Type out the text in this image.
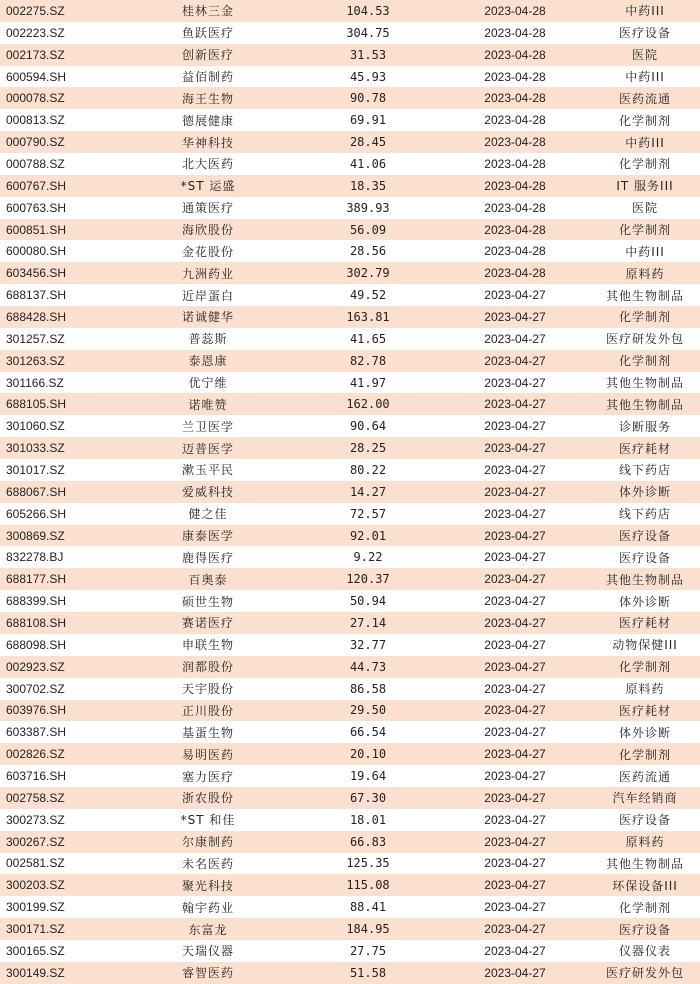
002275.SZ	桂林三金	104.53	2023-04-28	中药III
002223.SZ	鱼跃医疗	304.75	2023-04-28	医疗设备
002173.SZ	创新医疗	31.53	2023-04-28	医院
600594.SH	益佰制药	45.93	2023-04-28	中药III
000078.SZ	海王生物	90.78	2023-04-28	医药流通
000813.SZ	德展健康	69.91	2023-04-28	化学制剂
000790.SZ	华神科技	28.45	2023-04-28	中药III
000788.SZ	北大医药	41.06	2023-04-28	化学制剂
600767.SH	*ST 运盛	18.35	2023-04-28	IT 服务III
600763.SH	通策医疗	389.93	2023-04-28	医院
600851.SH	海欣股份	56.09	2023-04-28	化学制剂
600080.SH	金花股份	28.56	2023-04-28	中药III
603456.SH	九洲药业	302.79	2023-04-28	原料药
688137.SH	近岸蛋白	49.52	2023-04-27	其他生物制品
688428.SH	诺诚健华	163.81	2023-04-27	化学制剂
301257.SZ	普蕊斯	41.65	2023-04-27	医疗研发外包
301263.SZ	泰恩康	82.78	2023-04-27	化学制剂
301166.SZ	优宁维	41.97	2023-04-27	其他生物制品
688105.SH	诺唯赞	162.00	2023-04-27	其他生物制品
301060.SZ	兰卫医学	90.64	2023-04-27	诊断服务
301033.SZ	迈普医学	28.25	2023-04-27	医疗耗材
301017.SZ	漱玉平民	80.22	2023-04-27	线下药店
688067.SH	爱威科技	14.27	2023-04-27	体外诊断
605266.SH	健之佳	72.57	2023-04-27	线下药店
300869.SZ	康泰医学	92.01	2023-04-27	医疗设备
832278.BJ	鹿得医疗	9.22	2023-04-27	医疗设备
688177.SH	百奥泰	120.37	2023-04-27	其他生物制品
688399.SH	硕世生物	50.94	2023-04-27	体外诊断
688108.SH	赛诺医疗	27.14	2023-04-27	医疗耗材
688098.SH	申联生物	32.77	2023-04-27	动物保健III
002923.SZ	润都股份	44.73	2023-04-27	化学制剂
300702.SZ	天宇股份	86.58	2023-04-27	原料药
603976.SH	正川股份	29.50	2023-04-27	医疗耗材
603387.SH	基蛋生物	66.54	2023-04-27	体外诊断
002826.SZ	易明医药	20.10	2023-04-27	化学制剂
603716.SH	塞力医疗	19.64	2023-04-27	医药流通
002758.SZ	浙农股份	67.30	2023-04-27	汽车经销商
300273.SZ	*ST 和佳	18.01	2023-04-27	医疗设备
300267.SZ	尔康制药	66.83	2023-04-27	原料药
002581.SZ	未名医药	125.35	2023-04-27	其他生物制品
300203.SZ	聚光科技	115.08	2023-04-27	环保设备III
300199.SZ	翰宇药业	88.41	2023-04-27	化学制剂
300171.SZ	东富龙	184.95	2023-04-27	医疗设备
300165.SZ	天瑞仪器	27.75	2023-04-27	仪器仪表
300149.SZ	睿智医药	51.58	2023-04-27	医疗研发外包
